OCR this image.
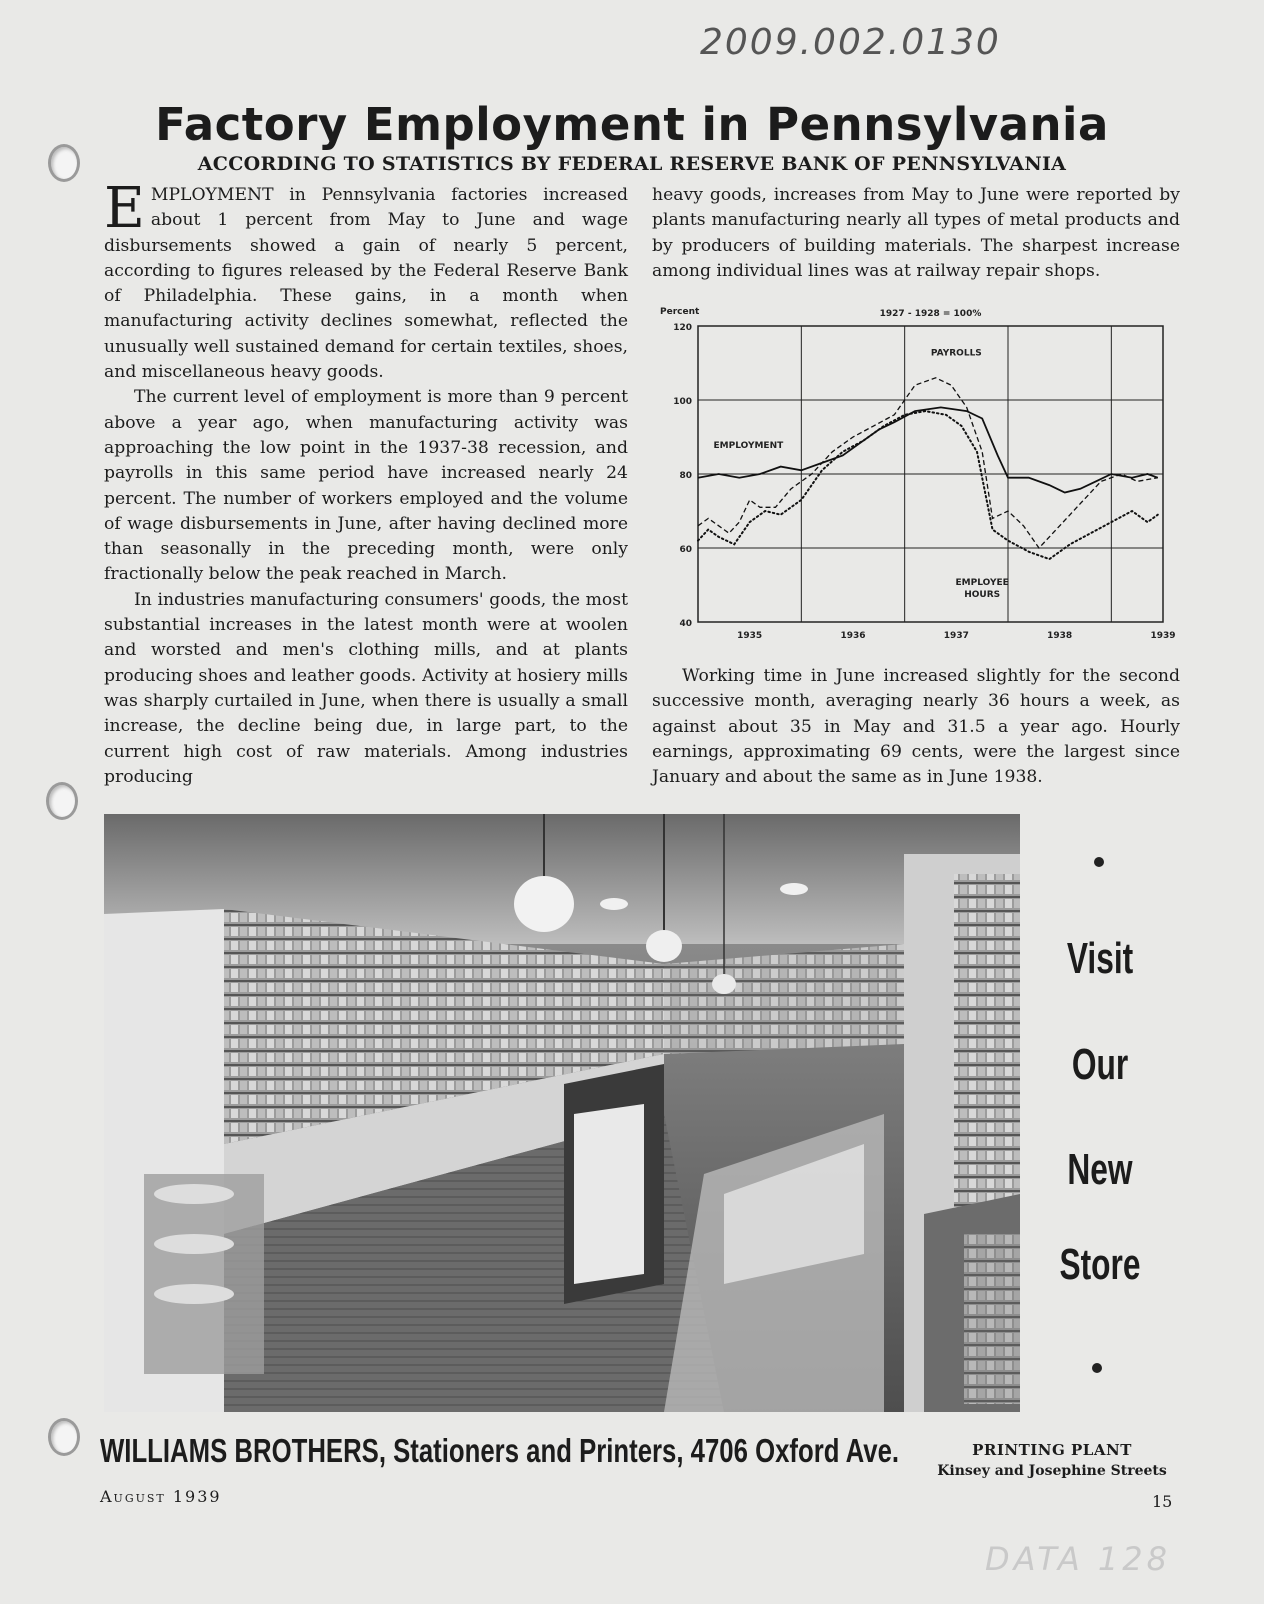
2009.002.0130
DATA 128
Factory Employment in Pennsylvania
ACCORDING TO STATISTICS BY FEDERAL RESERVE BANK OF PENNSYLVANIA

EMPLOYMENT in Pennsylvania factories increased about 1 percent from May to June and wage disbursements showed a gain of nearly 5 percent, according to figures released by the Federal Reserve Bank of Philadelphia. These gains, in a month when manufacturing activity declines somewhat, reflected the unusually well sustained demand for certain textiles, shoes, and miscellaneous heavy goods.

The current level of employment is more than 9 percent above a year ago, when manufacturing activity was approaching the low point in the 1937-38 recession, and payrolls in this same period have increased nearly 24 percent. The number of workers employed and the volume of wage disbursements in June, after having declined more than seasonally in the preceding month, were only fractionally below the peak reached in March.

In industries manufacturing consumers' goods, the most substantial increases in the latest month were at woolen and worsted and men's clothing mills, and at plants producing shoes and leather goods. Activity at hosiery mills was sharply curtailed in June, when there is usually a small increase, the decline being due, in large part, to the current high cost of raw materials. Among industries producing

heavy goods, increases from May to June were reported by plants manufacturing nearly all types of metal products and by producers of building materials. The sharpest increase among individual lines was at railway repair shops.

40
60
80
100
120
Percent
1935	1936	1937	1938	1939
1927 - 1928 = 100%
EMPLOYMENT
PAYROLLS
EMPLOYEE
HOURS

Working time in June increased slightly for the second successive month, averaging nearly 36 hours a week, as against about 35 in May and 31.5 a year ago. Hourly earnings, approximating 69 cents, were the largest since January and about the same as in June 1938.

Visit
Our
New
Store
WILLIAMS BROTHERS, Stationers and Printers, 4706 Oxford Ave.	PRINTING PLANT
Kinsey and Josephine Streets
August 1939	15
